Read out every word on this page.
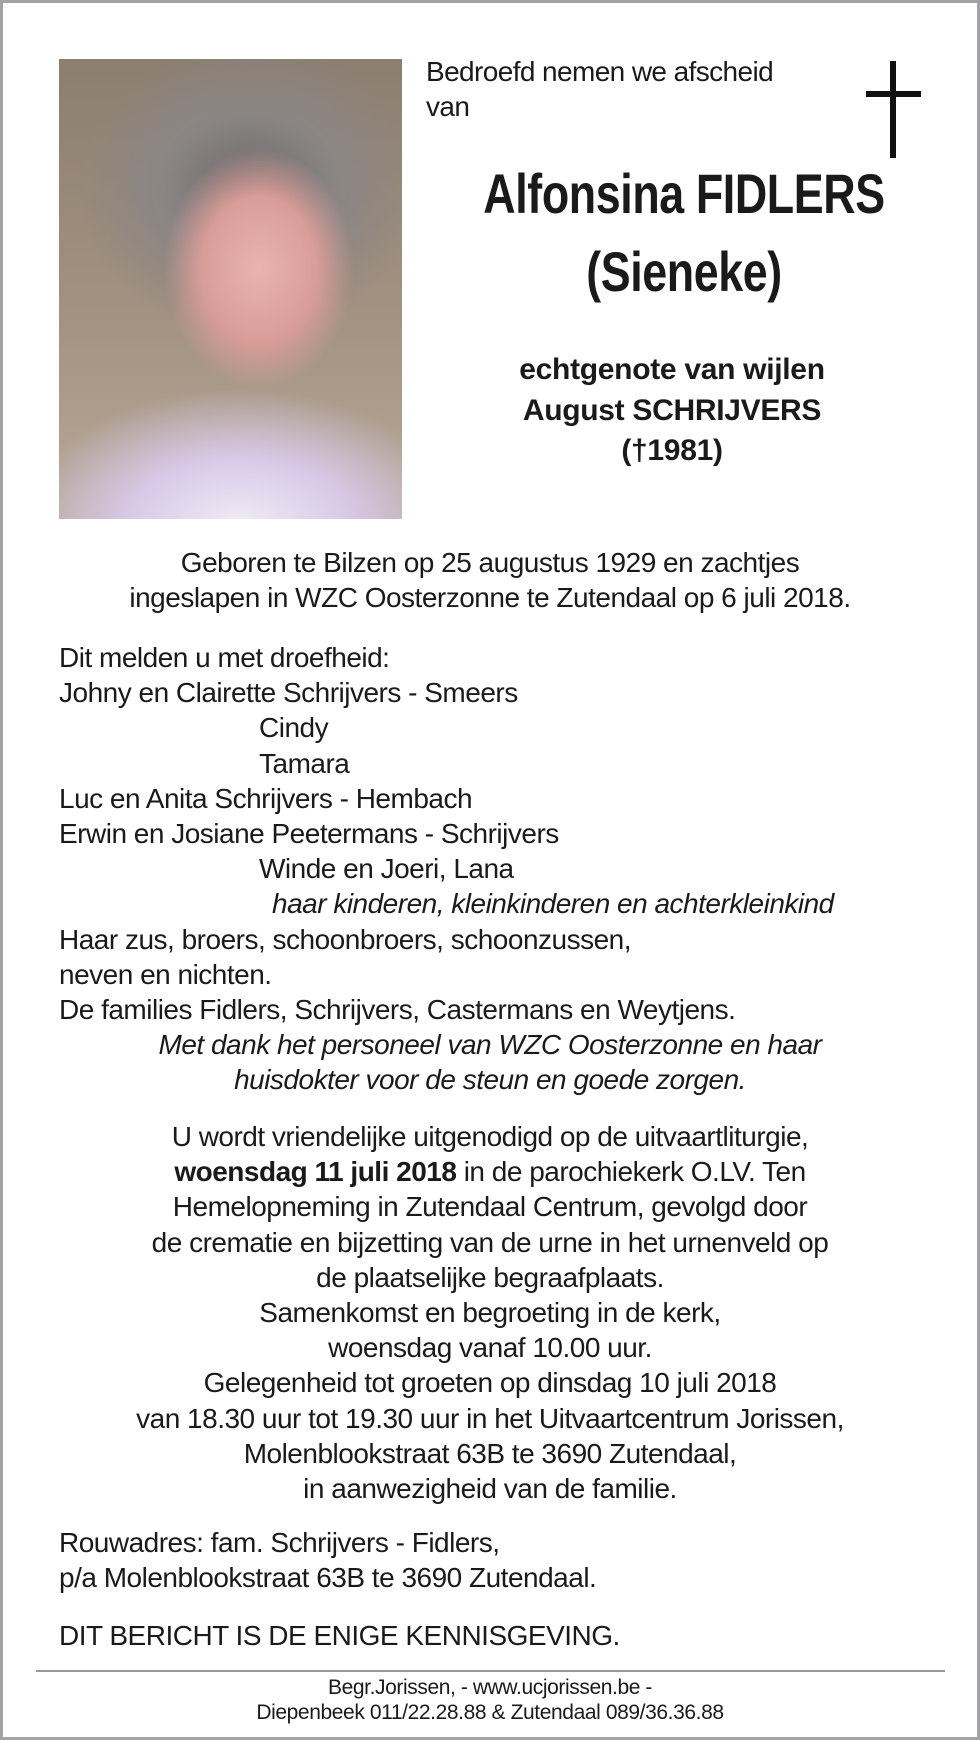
Bedroefd nemen we afscheid
van
Alfonsina FIDLERS
(Sieneke)
echtgenote van wijlen
August SCHRIJVERS
(†1981)
Geboren te Bilzen op 25 augustus 1929 en zachtjes
ingeslapen in WZC Oosterzonne te Zutendaal op 6 juli 2018.
Dit melden u met droefheid:
Johny en Clairette Schrijvers - Smeers
Cindy
Tamara
Luc en Anita Schrijvers - Hembach
Erwin en Josiane Peetermans - Schrijvers
Winde en Joeri, Lana
haar kinderen, kleinkinderen en achterkleinkind
Haar zus, broers, schoonbroers, schoonzussen,
neven en nichten.
De families Fidlers, Schrijvers, Castermans en Weytjens.
Met dank het personeel van WZC Oosterzonne en haar
huisdokter voor de steun en goede zorgen.
U wordt vriendelijke uitgenodigd op de uitvaartliturgie,
woensdag 11 juli 2018 in de parochiekerk O.LV. Ten
Hemelopneming in Zutendaal Centrum, gevolgd door
de crematie en bijzetting van de urne in het urnenveld op
de plaatselijke begraafplaats.
Samenkomst en begroeting in de kerk,
woensdag vanaf 10.00 uur.
Gelegenheid tot groeten op dinsdag 10 juli 2018
van 18.30 uur tot 19.30 uur in het Uitvaartcentrum Jorissen,
Molenblookstraat 63B te 3690 Zutendaal,
in aanwezigheid van de familie.
Rouwadres: fam. Schrijvers - Fidlers,
p/a Molenblookstraat 63B te 3690 Zutendaal.
DIT BERICHT IS DE ENIGE KENNISGEVING.
Begr.Jorissen, - www.ucjorissen.be -
Diepenbeek 011/22.28.88 & Zutendaal 089/36.36.88
